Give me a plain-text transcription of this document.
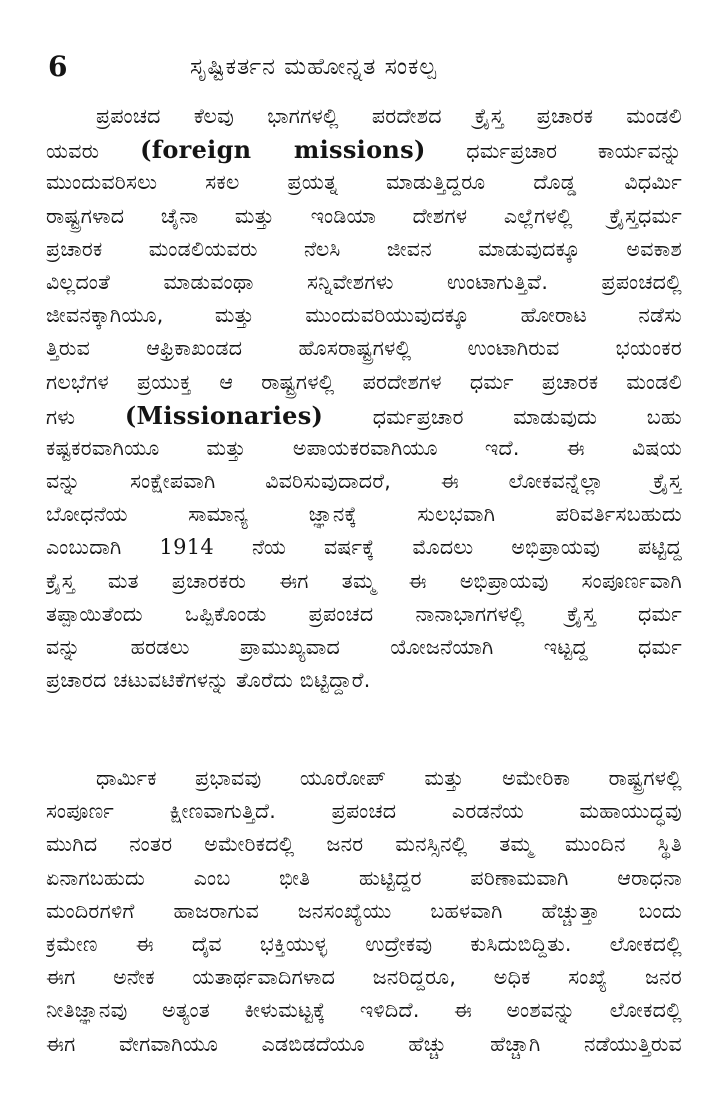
6	ಸೃಷ್ಟಿಕರ್ತನ ಮಹೋನ್ನತ ಸಂಕಲ್ಪ
ಪ್ರಪಂಚದ ಕೆಲವು ಭಾಗಗಳಲ್ಲಿ ಪರದೇಶದ ಕ್ರೈಸ್ತ ಪ್ರಚಾರಕ ಮಂಡಲಿ
ಯವರು (foreign missions) ಧರ್ಮಪ್ರಚಾರ ಕಾರ್ಯವನ್ನು
ಮುಂದುವರಿಸಲು ಸಕಲ ಪ್ರಯತ್ನ ಮಾಡುತ್ತಿದ್ದರೂ ದೊಡ್ಡ ವಿಧರ್ಮಿ
ರಾಷ್ಟ್ರಗಳಾದ ಚೈನಾ ಮತ್ತು ಇಂಡಿಯಾ ದೇಶಗಳ ಎಲ್ಲೆಗಳಲ್ಲಿ ಕ್ರೈಸ್ತಧರ್ಮ
ಪ್ರಚಾರಕ ಮಂಡಲಿಯವರು ನೆಲಸಿ ಜೀವನ ಮಾಡುವುದಕ್ಕೂ ಅವಕಾಶ
ವಿಲ್ಲದಂತೆ ಮಾಡುವಂಥಾ ಸನ್ನಿವೇಶಗಳು ಉಂಟಾಗುತ್ತಿವೆ. ಪ್ರಪಂಚದಲ್ಲಿ
ಜೀವನಕ್ಕಾಗಿಯೂ, ಮತ್ತು ಮುಂದುವರಿಯುವುದಕ್ಕೂ ಹೋರಾಟ ನಡೆಸು
ತ್ತಿರುವ ಆಫ್ರಿಕಾಖಂಡದ ಹೊಸರಾಷ್ಟ್ರಗಳಲ್ಲಿ ಉಂಟಾಗಿರುವ ಭಯಂಕರ
ಗಲಭೆಗಳ ಪ್ರಯುಕ್ತ ಆ ರಾಷ್ಟ್ರಗಳಲ್ಲಿ ಪರದೇಶಗಳ ಧರ್ಮ ಪ್ರಚಾರಕ ಮಂಡಲಿ
ಗಳು (Missionaries) ಧರ್ಮಪ್ರಚಾರ ಮಾಡುವುದು ಬಹು
ಕಷ್ಟಕರವಾಗಿಯೂ ಮತ್ತು ಅಪಾಯಕರವಾಗಿಯೂ ಇದೆ. ಈ ವಿಷಯ
ವನ್ನು ಸಂಕ್ಷೇಪವಾಗಿ ವಿವರಿಸುವುದಾದರೆ, ಈ ಲೋಕವನ್ನೆಲ್ಲಾ ಕ್ರೈಸ್ತ
ಬೋಧನೆಯ ಸಾಮಾನ್ಯ ಜ್ಞಾನಕ್ಕೆ ಸುಲಭವಾಗಿ ಪರಿವರ್ತಿಸಬಹುದು
ಎಂಬುದಾಗಿ 1914 ನೆಯ ವರ್ಷಕ್ಕೆ ಮೊದಲು ಅಭಿಪ್ರಾಯವು ಪಟ್ಟಿದ್ದ
ಕ್ರೈಸ್ತ ಮತ ಪ್ರಚಾರಕರು ಈಗ ತಮ್ಮ ಈ ಅಭಿಪ್ರಾಯವು ಸಂಪೂರ್ಣವಾಗಿ
ತಪ್ಪಾಯಿತೆಂದು ಒಪ್ಪಿಕೊಂಡು ಪ್ರಪಂಚದ ನಾನಾಭಾಗಗಳಲ್ಲಿ ಕ್ರೈಸ್ತ ಧರ್ಮ
ವನ್ನು ಹರಡಲು ಪ್ರಾಮುಖ್ಯವಾದ ಯೋಜನೆಯಾಗಿ ಇಟ್ಟದ್ದ ಧರ್ಮ
ಪ್ರಚಾರದ ಚಟುವಟಿಕೆಗಳನ್ನು ತೊರೆದು ಬಿಟ್ಟಿದ್ದಾರೆ.
ಧಾರ್ಮಿಕ ಪ್ರಭಾವವು ಯೂರೋಪ್ ಮತ್ತು ಅಮೇರಿಕಾ ರಾಷ್ಟ್ರಗಳಲ್ಲಿ
ಸಂಪೂರ್ಣ ಕ್ಷೀಣವಾಗುತ್ತಿದೆ. ಪ್ರಪಂಚದ ಎರಡನೆಯ ಮಹಾಯುದ್ಧವು
ಮುಗಿದ ನಂತರ ಅಮೇರಿಕದಲ್ಲಿ ಜನರ ಮನಸ್ಸಿನಲ್ಲಿ ತಮ್ಮ ಮುಂದಿನ ಸ್ಥಿತಿ
ಏನಾಗಬಹುದು ಎಂಬ ಭೀತಿ ಹುಟ್ಟಿದ್ದರ ಪರಿಣಾಮವಾಗಿ ಆರಾಧನಾ
ಮಂದಿರಗಳಿಗೆ ಹಾಜರಾಗುವ ಜನಸಂಖ್ಯೆಯು ಬಹಳವಾಗಿ ಹೆಚ್ಚುತ್ತಾ ಬಂದು
ಕ್ರಮೇಣ ಈ ದೈವ ಭಕ್ತಿಯುಳ್ಳ ಉದ್ರೇಕವು ಕುಸಿದುಬಿದ್ದಿತು. ಲೋಕದಲ್ಲಿ
ಈಗ ಅನೇಕ ಯತಾರ್ಥವಾದಿಗಳಾದ ಜನರಿದ್ದರೂ, ಅಧಿಕ ಸಂಖ್ಯೆ ಜನರ
ನೀತಿಜ್ಞಾನವು ಅತ್ಯಂತ ಕೀಳುಮಟ್ಟಕ್ಕೆ ಇಳಿದಿದೆ. ಈ ಅಂಶವನ್ನು ಲೋಕದಲ್ಲಿ
ಈಗ ವೇಗವಾಗಿಯೂ ಎಡಬಿಡದೆಯೂ ಹೆಚ್ಚು ಹೆಚ್ಚಾಗಿ ನಡೆಯುತ್ತಿರುವ
